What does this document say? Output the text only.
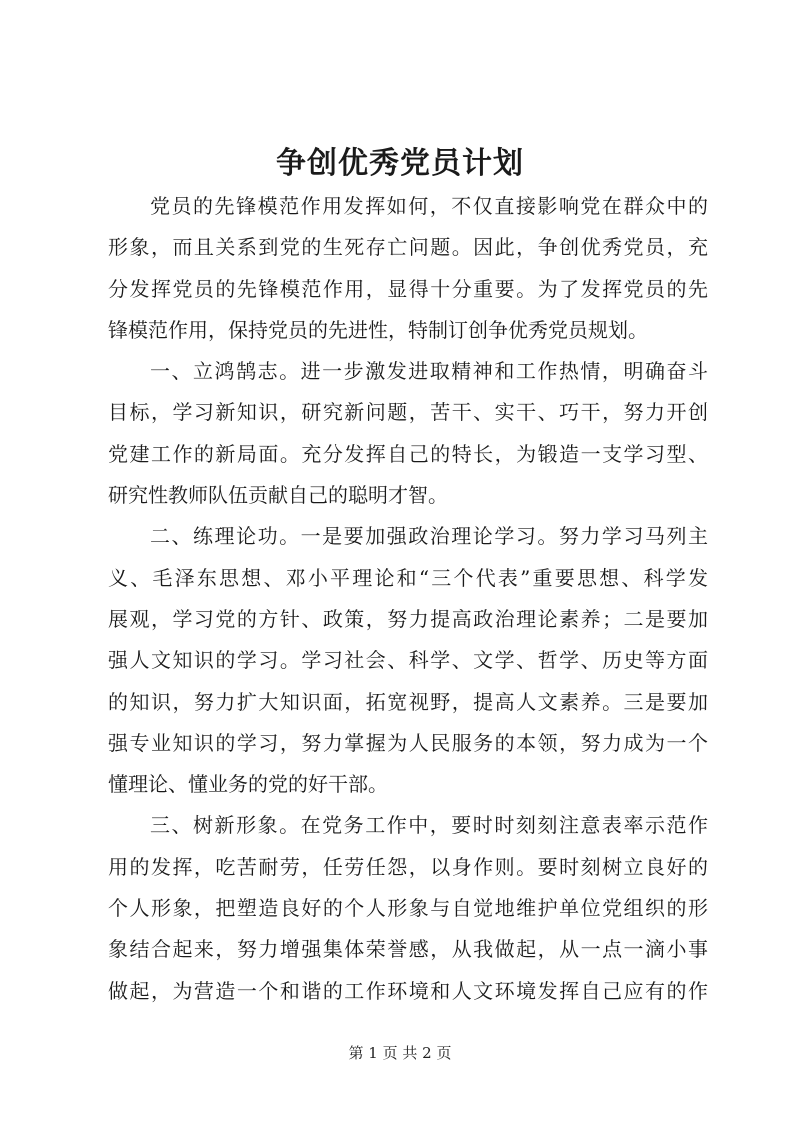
争创优秀党员计划
党员的先锋模范作用发挥如何，不仅直接影响党在群众中的
形象，而且关系到党的生死存亡问题。因此，争创优秀党员，充
分发挥党员的先锋模范作用，显得十分重要。为了发挥党员的先
锋模范作用，保持党员的先进性，特制订创争优秀党员规划。
一、立鸿鹄志。进一步激发进取精神和工作热情，明确奋斗
目标，学习新知识，研究新问题，苦干、实干、巧干，努力开创
党建工作的新局面。充分发挥自己的特长，为锻造一支学习型、
研究性教师队伍贡献自己的聪明才智。
二、练理论功。一是要加强政治理论学习。努力学习马列主
义、毛泽东思想、邓小平理论和“三个代表”重要思想、科学发
展观，学习党的方针、政策，努力提高政治理论素养；二是要加
强人文知识的学习。学习社会、科学、文学、哲学、历史等方面
的知识，努力扩大知识面，拓宽视野，提高人文素养。三是要加
强专业知识的学习，努力掌握为人民服务的本领，努力成为一个
懂理论、懂业务的党的好干部。
三、树新形象。在党务工作中，要时时刻刻注意表率示范作
用的发挥，吃苦耐劳，任劳任怨，以身作则。要时刻树立良好的
个人形象，把塑造良好的个人形象与自觉地维护单位党组织的形
象结合起来，努力增强集体荣誉感，从我做起，从一点一滴小事
做起，为营造一个和谐的工作环境和人文环境发挥自己应有的作
第 1 页 共 2 页
